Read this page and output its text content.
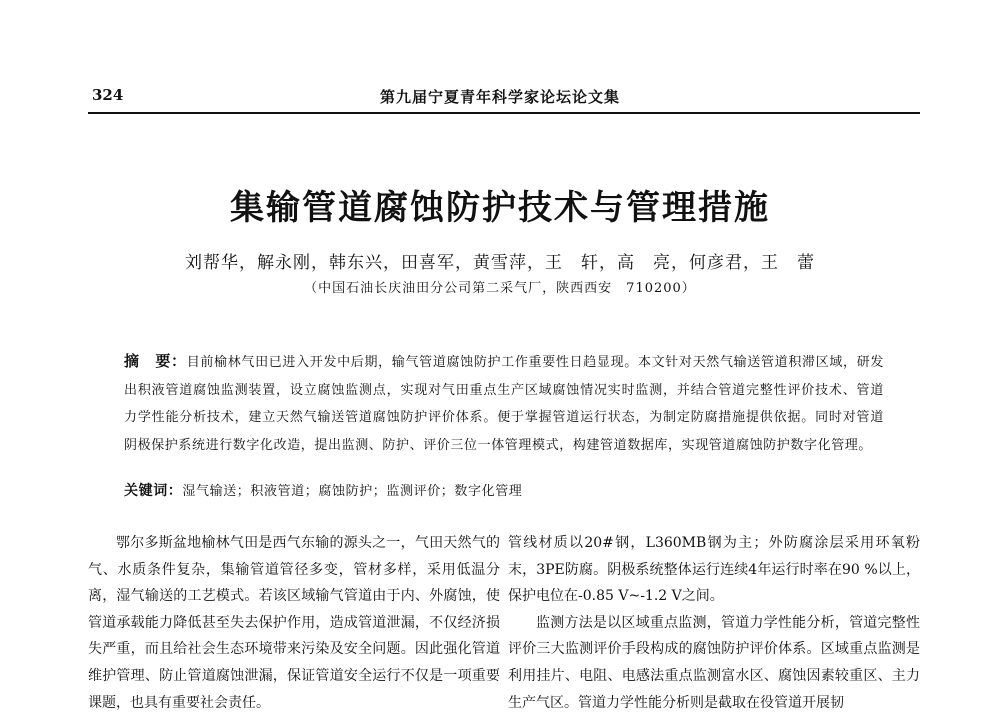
324	第九届宁夏青年科学家论坛论文集
集输管道腐蚀防护技术与管理措施
刘帮华，解永刚，韩东兴，田喜军，黄雪萍，王　轩，高　亮，何彦君，王　蕾
（中国石油长庆油田分公司第二采气厂，陕西西安　710200）
摘　要：目前榆林气田已进入开发中后期，输气管道腐蚀防护工作重要性日趋显现。本文针对天然气输送管道积滞区域，研发出积液管道腐蚀监测装置，设立腐蚀监测点，实现对气田重点生产区域腐蚀情况实时监测，并结合管道完整性评价技术、管道力学性能分析技术，建立天然气输送管道腐蚀防护评价体系。便于掌握管道运行状态，为制定防腐措施提供依据。同时对管道阴极保护系统进行数字化改造，提出监测、防护、评价三位一体管理模式，构建管道数据库，实现管道腐蚀防护数字化管理。
关键词：湿气输送；积液管道；腐蚀防护；监测评价；数字化管理

鄂尔多斯盆地榆林气田是西气东输的源头之一，气田天然气的气、水质条件复杂，集输管道管径多变，管材多样，采用低温分离，湿气输送的工艺模式。若该区域输气管道由于内、外腐蚀，使管道承载能力降低甚至失去保护作用，造成管道泄漏，不仅经济损失严重，而且给社会生态环境带来污染及安全问题。因此强化管道维护管理、防止管道腐蚀泄漏，保证管道安全运行不仅是一项重要课题，也具有重要社会责任。

管线材质以20#钢，L360MB钢为主；外防腐涂层采用环氧粉末，3PE防腐。阴极系统整体运行连续4年运行时率在90 %以上，保护电位在-0.85 V~-1.2 V之间。

监测方法是以区域重点监测，管道力学性能分析，管道完整性评价三大监测评价手段构成的腐蚀防护评价体系。区域重点监测是利用挂片、电阻、电感法重点监测富水区、腐蚀因素较重区、主力生产气区。管道力学性能分析则是截取在役管道开展韧
